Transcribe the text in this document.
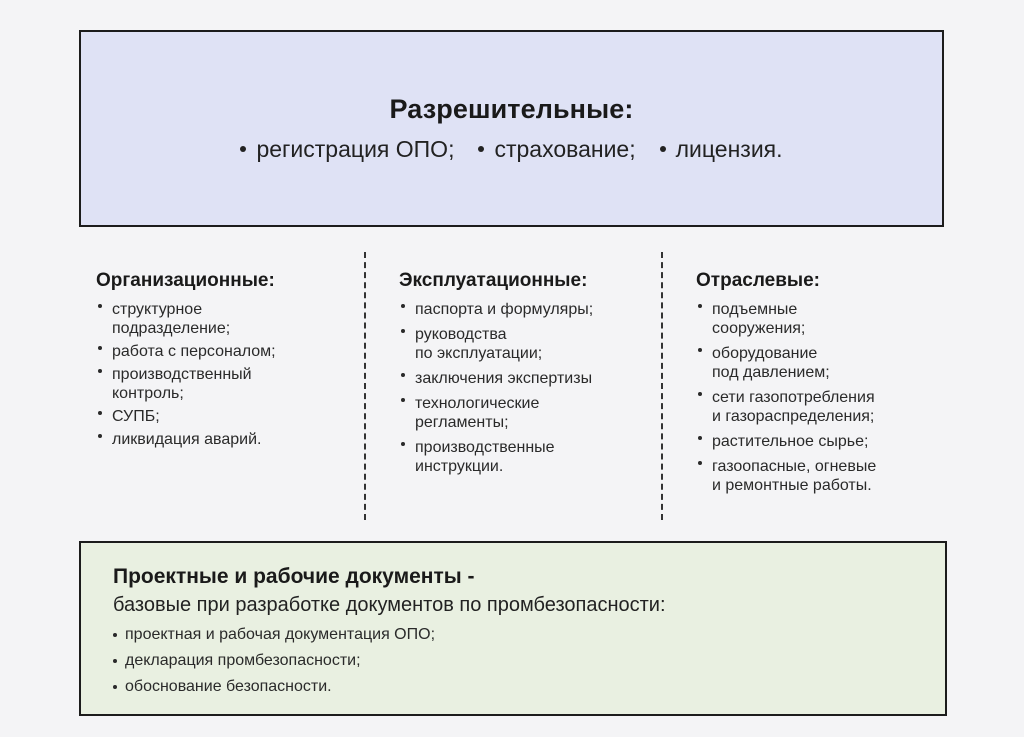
Разрешительные:
регистрация ОПО;	страхование;	лицензия.
Организационные:
структурное
подразделение;
работа с персоналом;
производственный
контроль;
СУПБ;
ликвидация аварий.
Эксплуатационные:
паспорта и формуляры;
руководства
по эксплуатации;
заключения экспертизы
технологические
регламенты;
производственные
инструкции.
Отраслевые:
подъемные
сооружения;
оборудование
под давлением;
сети газопотребления
и газораспределения;
растительное сырье;
газоопасные, огневые
и ремонтные работы.
Проектные и рабочие документы -
базовые при разработке документов по промбезопасности:
проектная и рабочая документация ОПО;
декларация промбезопасности;
обоснование безопасности.
